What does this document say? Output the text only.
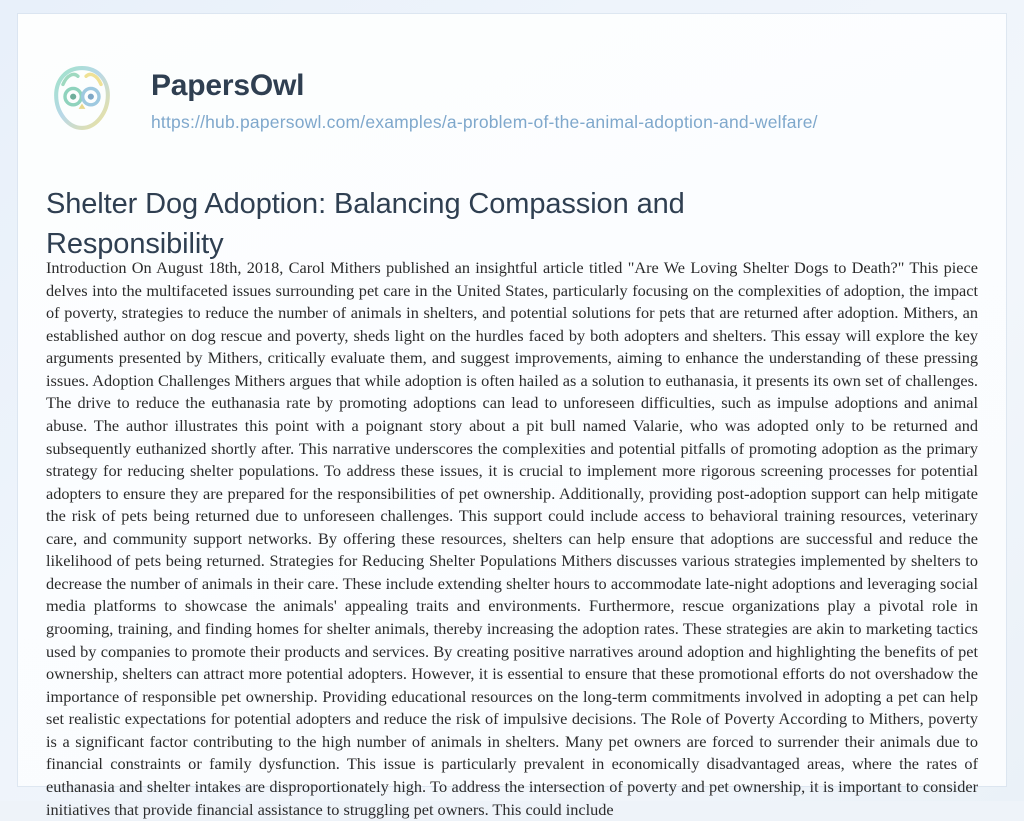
PapersOwl
https://hub.papersowl.com/examples/a-problem-of-the-animal-adoption-and-welfare/
Shelter Dog Adoption: Balancing Compassion and Responsibility

Introduction On August 18th, 2018, Carol Mithers published an insightful article titled "Are We Loving Shelter Dogs to Death?" This piece delves into the multifaceted issues surrounding pet care in the United States, particularly focusing on the complexities of adoption, the impact of poverty, strategies to reduce the number of animals in shelters, and potential solutions for pets that are returned after adoption. Mithers, an established author on dog rescue and poverty, sheds light on the hurdles faced by both adopters and shelters. This essay will explore the key arguments presented by Mithers, critically evaluate them, and suggest improvements, aiming to enhance the understanding of these pressing issues. Adoption Challenges Mithers argues that while adoption is often hailed as a solution to euthanasia, it presents its own set of challenges. The drive to reduce the euthanasia rate by promoting adoptions can lead to unforeseen difficulties, such as impulse adoptions and animal abuse. The author illustrates this point with a poignant story about a pit bull named Valarie, who was adopted only to be returned and subsequently euthanized shortly after. This narrative underscores the complexities and potential pitfalls of promoting adoption as the primary strategy for reducing shelter populations. To address these issues, it is crucial to implement more rigorous screening processes for potential adopters to ensure they are prepared for the responsibilities of pet ownership. Additionally, providing post-adoption support can help mitigate the risk of pets being returned due to unforeseen challenges. This support could include access to behavioral training resources, veterinary care, and community support networks. By offering these resources, shelters can help ensure that adoptions are successful and reduce the likelihood of pets being returned. Strategies for Reducing Shelter Populations Mithers discusses various strategies implemented by shelters to decrease the number of animals in their care. These include extending shelter hours to accommodate late-night adoptions and leveraging social media platforms to showcase the animals' appealing traits and environments. Furthermore, rescue organizations play a pivotal role in grooming, training, and finding homes for shelter animals, thereby increasing the adoption rates. These strategies are akin to marketing tactics used by companies to promote their products and services. By creating positive narratives around adoption and highlighting the benefits of pet ownership, shelters can attract more potential adopters. However, it is essential to ensure that these promotional efforts do not overshadow the importance of responsible pet ownership. Providing educational resources on the long-term commitments involved in adopting a pet can help set realistic expectations for potential adopters and reduce the risk of impulsive decisions. The Role of Poverty According to Mithers, poverty is a significant factor contributing to the high number of animals in shelters. Many pet owners are forced to surrender their animals due to financial constraints or family dysfunction. This issue is particularly prevalent in economically disadvantaged areas, where the rates of euthanasia and shelter intakes are disproportionately high. To address the intersection of poverty and pet ownership, it is important to consider initiatives that provide financial assistance to struggling pet owners. This could include
